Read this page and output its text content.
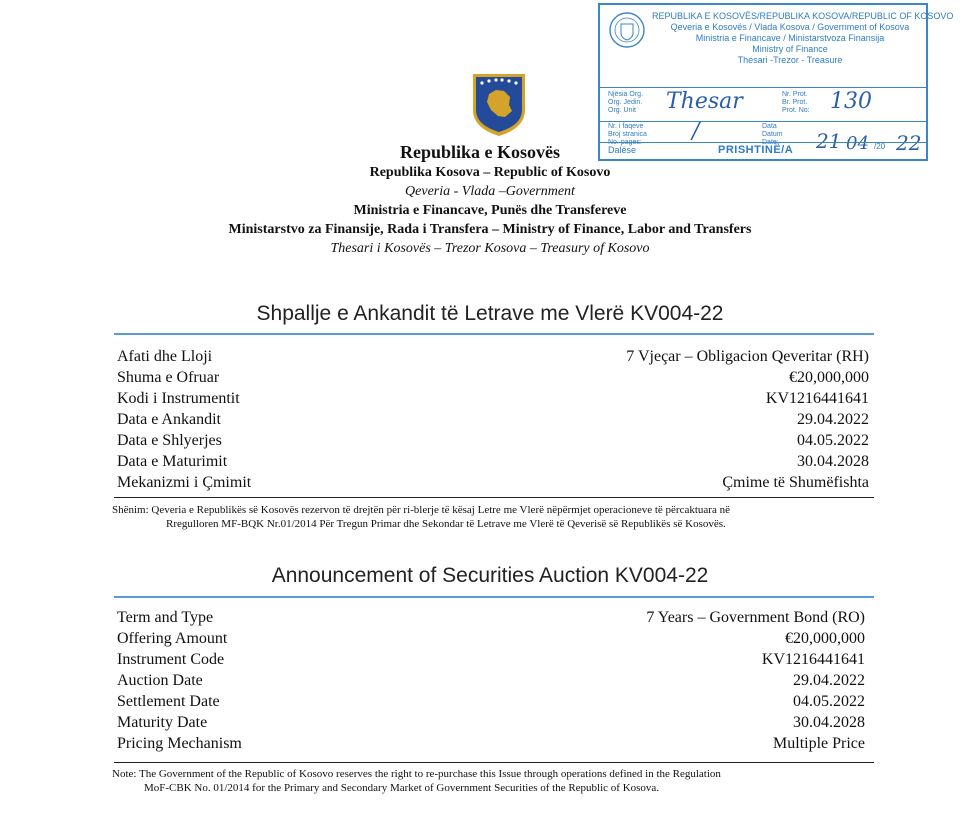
REPUBLIKA E KOSOVËS/REPUBLIKA KOSOVA/REPUBLIC OF KOSOVO
Qeveria e Kosovës / Vlada Kosova / Government of Kosova
Ministria e Financave / Ministarstvoza Finansija
Ministry of Finance
Thesari -Trezor - Treasure
Njësia Org.
Org. Jedin.
Org. Unit	Thesar	Nr. Prot.
Br. Prot.
Prot. No: 130
Nr. i faqeve
Broj stranica
No. pages:	/	Data
Datum
Date:	21 04 /20 22
Dalëse	PRISHTINË/A
Republika e Kosovës
Republika Kosova – Republic of Kosovo
Qeveria - Vlada –Government
Ministria e Financave, Punës dhe Transfereve
Ministarstvo za Finansije, Rada i Transfera – Ministry of Finance, Labor and Transfers
Thesari i Kosovës – Trezor Kosova – Treasury of Kosovo
Shpallje e Ankandit të Letrave me Vlerë KV004-22
Afati dhe Lloji	7 Vjeçar – Obligacion Qeveritar (RH)
Shuma e Ofruar	€20,000,000
Kodi i Instrumentit	KV1216441641
Data e Ankandit	29.04.2022
Data e Shlyerjes	04.05.2022
Data e Maturimit	30.04.2028
Mekanizmi i Çmimit	Çmime të Shumëfishta
Shënim: Qeveria e Republikës së Kosovës rezervon të drejtën për ri-blerje të kësaj Letre me Vlerë nëpërmjet operacioneve të përcaktuara në
Rregulloren MF-BQK Nr.01/2014 Për Tregun Primar dhe Sekondar të Letrave me Vlerë të Qeverisë së Republikës së Kosovës.
Announcement of Securities Auction KV004-22
Term and Type	7 Years – Government Bond (RO)
Offering Amount	€20,000,000
Instrument Code	KV1216441641
Auction Date	29.04.2022
Settlement Date	04.05.2022
Maturity Date	30.04.2028
Pricing Mechanism	Multiple Price
Note: The Government of the Republic of Kosovo reserves the right to re-purchase this Issue through operations defined in the Regulation
MoF-CBK No. 01/2014 for the Primary and Secondary Market of Government Securities of the Republic of Kosova.
